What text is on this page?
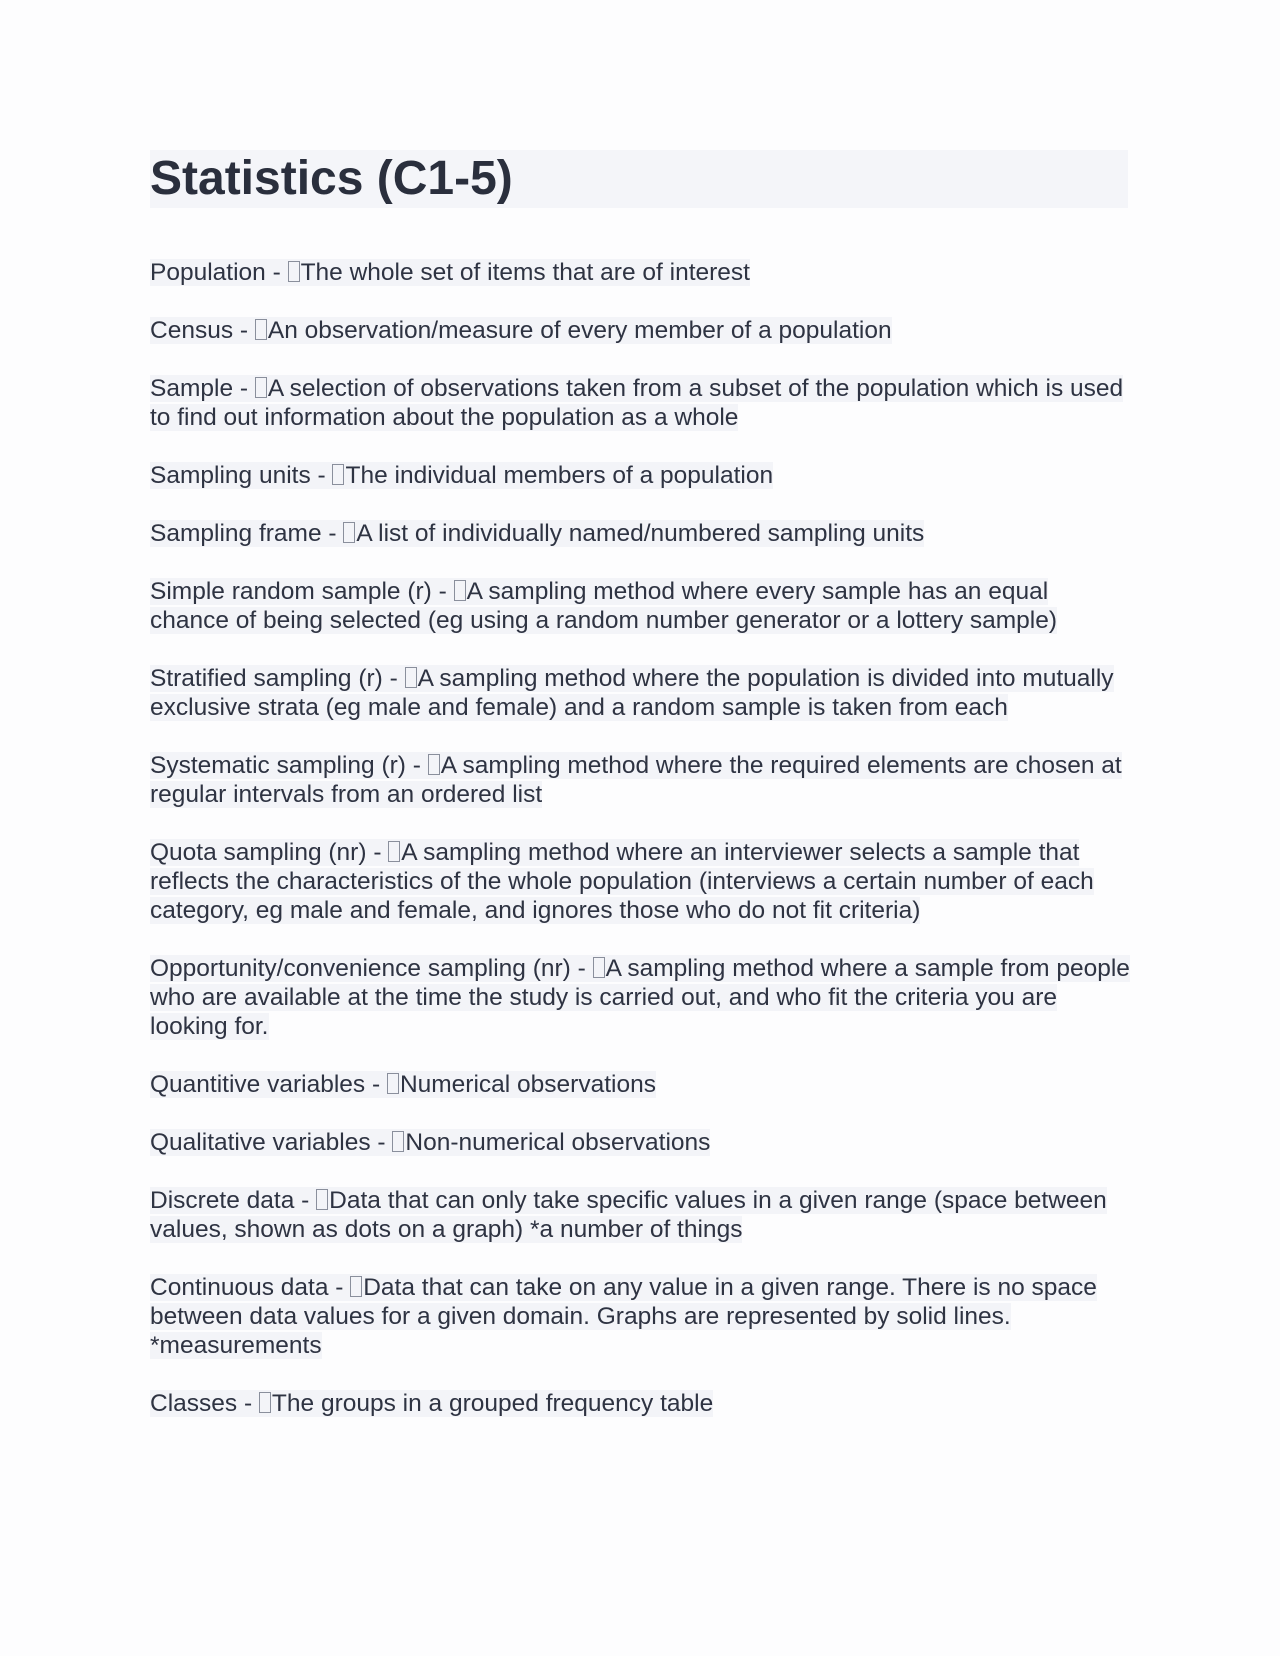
Statistics (C1-5)

Population - The whole set of items that are of interest

Census - An observation/measure of every member of a population

Sample - A selection of observations taken from a subset of the population which is used to find out information about the population as a whole

Sampling units - The individual members of a population

Sampling frame - A list of individually named/numbered sampling units

Simple random sample (r) - A sampling method where every sample has an equal chance of being selected (eg using a random number generator or a lottery sample)

Stratified sampling (r) - A sampling method where the population is divided into mutually exclusive strata (eg male and female) and a random sample is taken from each

Systematic sampling (r) - A sampling method where the required elements are chosen at regular intervals from an ordered list

Quota sampling (nr) - A sampling method where an interviewer selects a sample that reflects the characteristics of the whole population (interviews a certain number of each category, eg male and female, and ignores those who do not fit criteria)

Opportunity/convenience sampling (nr) - A sampling method where a sample from people who are available at the time the study is carried out, and who fit the criteria you are looking for.

Quantitive variables - Numerical observations

Qualitative variables - Non-numerical observations

Discrete data - Data that can only take specific values in a given range (space between values, shown as dots on a graph) *a number of things

Continuous data - Data that can take on any value in a given range. There is no space between data values for a given domain. Graphs are represented by solid lines. *measurements

Classes - The groups in a grouped frequency table
